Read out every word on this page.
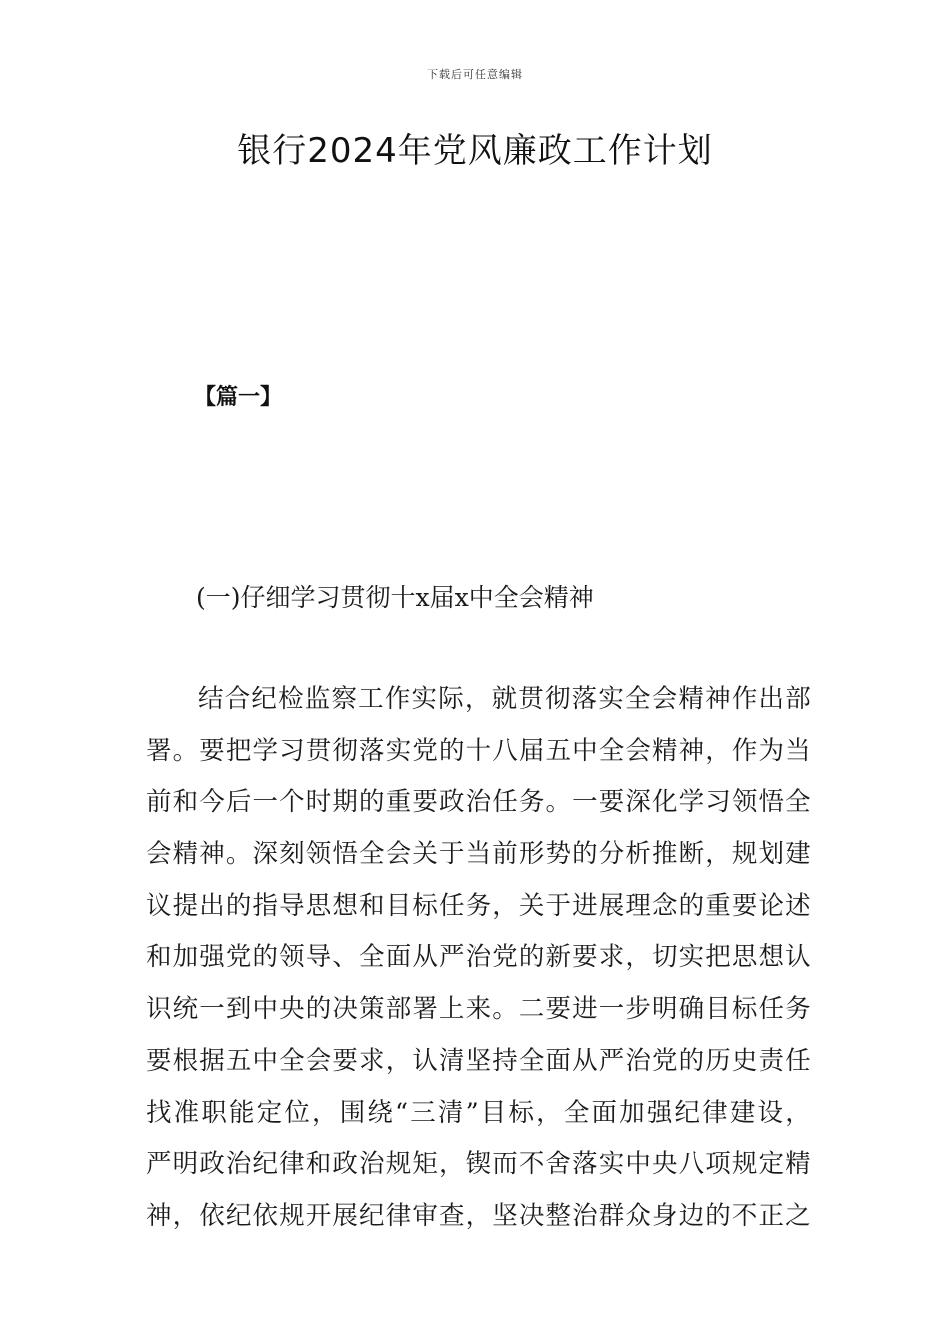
下载后可任意编辑
银行2024年党风廉政工作计划
【篇一】
(一)仔细学习贯彻十x届x中全会精神
结合纪检监察工作实际，就贯彻落实全会精神作出部
署。要把学习贯彻落实党的十八届五中全会精神，作为当
前和今后一个时期的重要政治任务。一要深化学习领悟全
会精神。深刻领悟全会关于当前形势的分析推断，规划建
议提出的指导思想和目标任务，关于进展理念的重要论述
和加强党的领导、全面从严治党的新要求，切实把思想认
识统一到中央的决策部署上来。二要进一步明确目标任务
要根据五中全会要求，认清坚持全面从严治党的历史责任
找准职能定位，围绕“三清”目标，全面加强纪律建设，
严明政治纪律和政治规矩，锲而不舍落实中央八项规定精
神，依纪依规开展纪律审查，坚决整治群众身边的不正之
